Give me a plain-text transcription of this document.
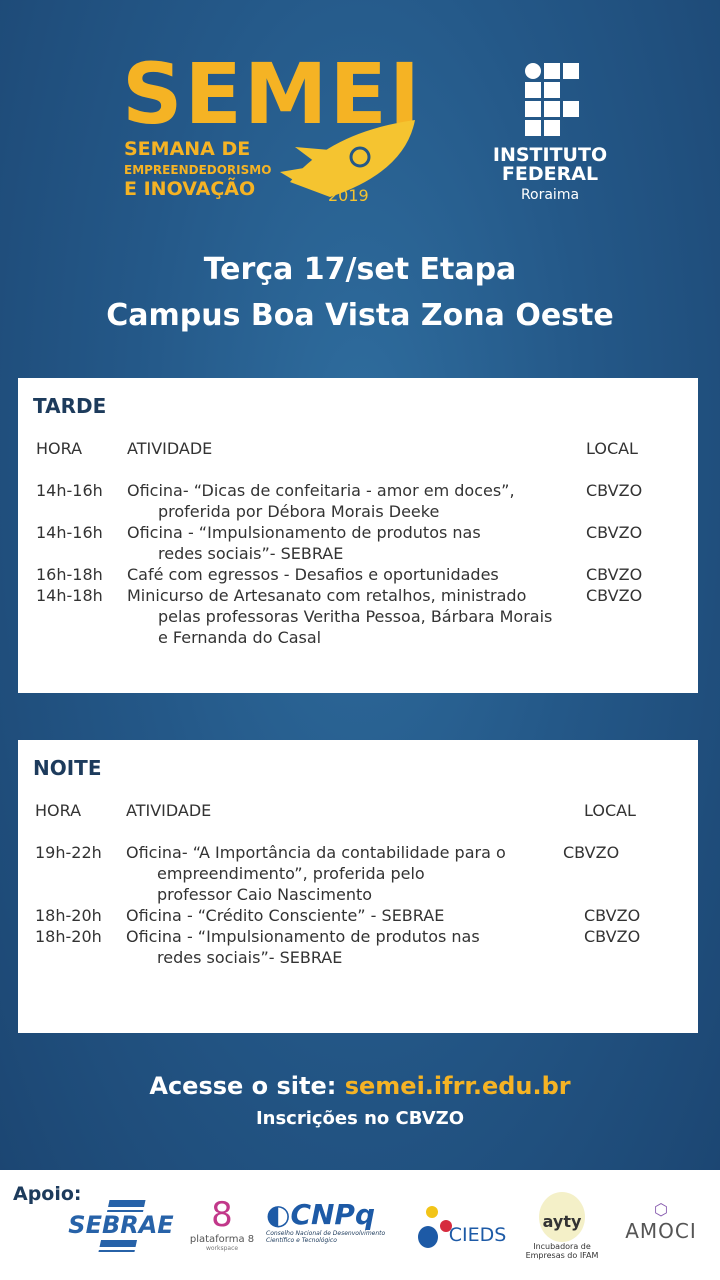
SEMEI
SEMANA DE
EMPREENDEDORISMO
E INOVAÇÃO	2019
INSTITUTO
FEDERAL
Roraima
Terça 17/set Etapa
Campus Boa Vista Zona Oeste
TARDE
HORA	ATIVIDADE	LOCAL
14h-16h Oficina- “Dicas de confeitaria - amor em doces”,
proferida por Débora Morais Deeke
CBVZO
14h-16h Oficina - “Impulsionamento de produtos nas
redes sociais”- SEBRAE
CBVZO
16h-18h Café com egressos - Desafios e oportunidades	CBVZO
14h-18h Minicurso de Artesanato com retalhos, ministrado
pelas professoras Veritha Pessoa, Bárbara Morais
e Fernanda do Casal
CBVZO
NOITE
HORA	ATIVIDADE	LOCAL
19h-22h Oficina- “A Importância da contabilidade para o
empreendimento”, proferida pelo
professor Caio Nascimento
CBVZO
18h-20h Oficina - “Crédito Consciente” - SEBRAE	CBVZO
18h-20h Oficina - “Impulsionamento de produtos nas
redes sociais”- SEBRAE
CBVZO
Acesse o site: semei.ifrr.edu.br
Inscrições no CBVZO
SEBRAE	8
plataforma 8
workspace
◐CNPq
Conselho Nacional de Desenvolvimento
Científico e Tecnológico	CIEDS
ayty
Incubadora de
Empresas do IFAM
⬡
AMOCI
Apoio:
